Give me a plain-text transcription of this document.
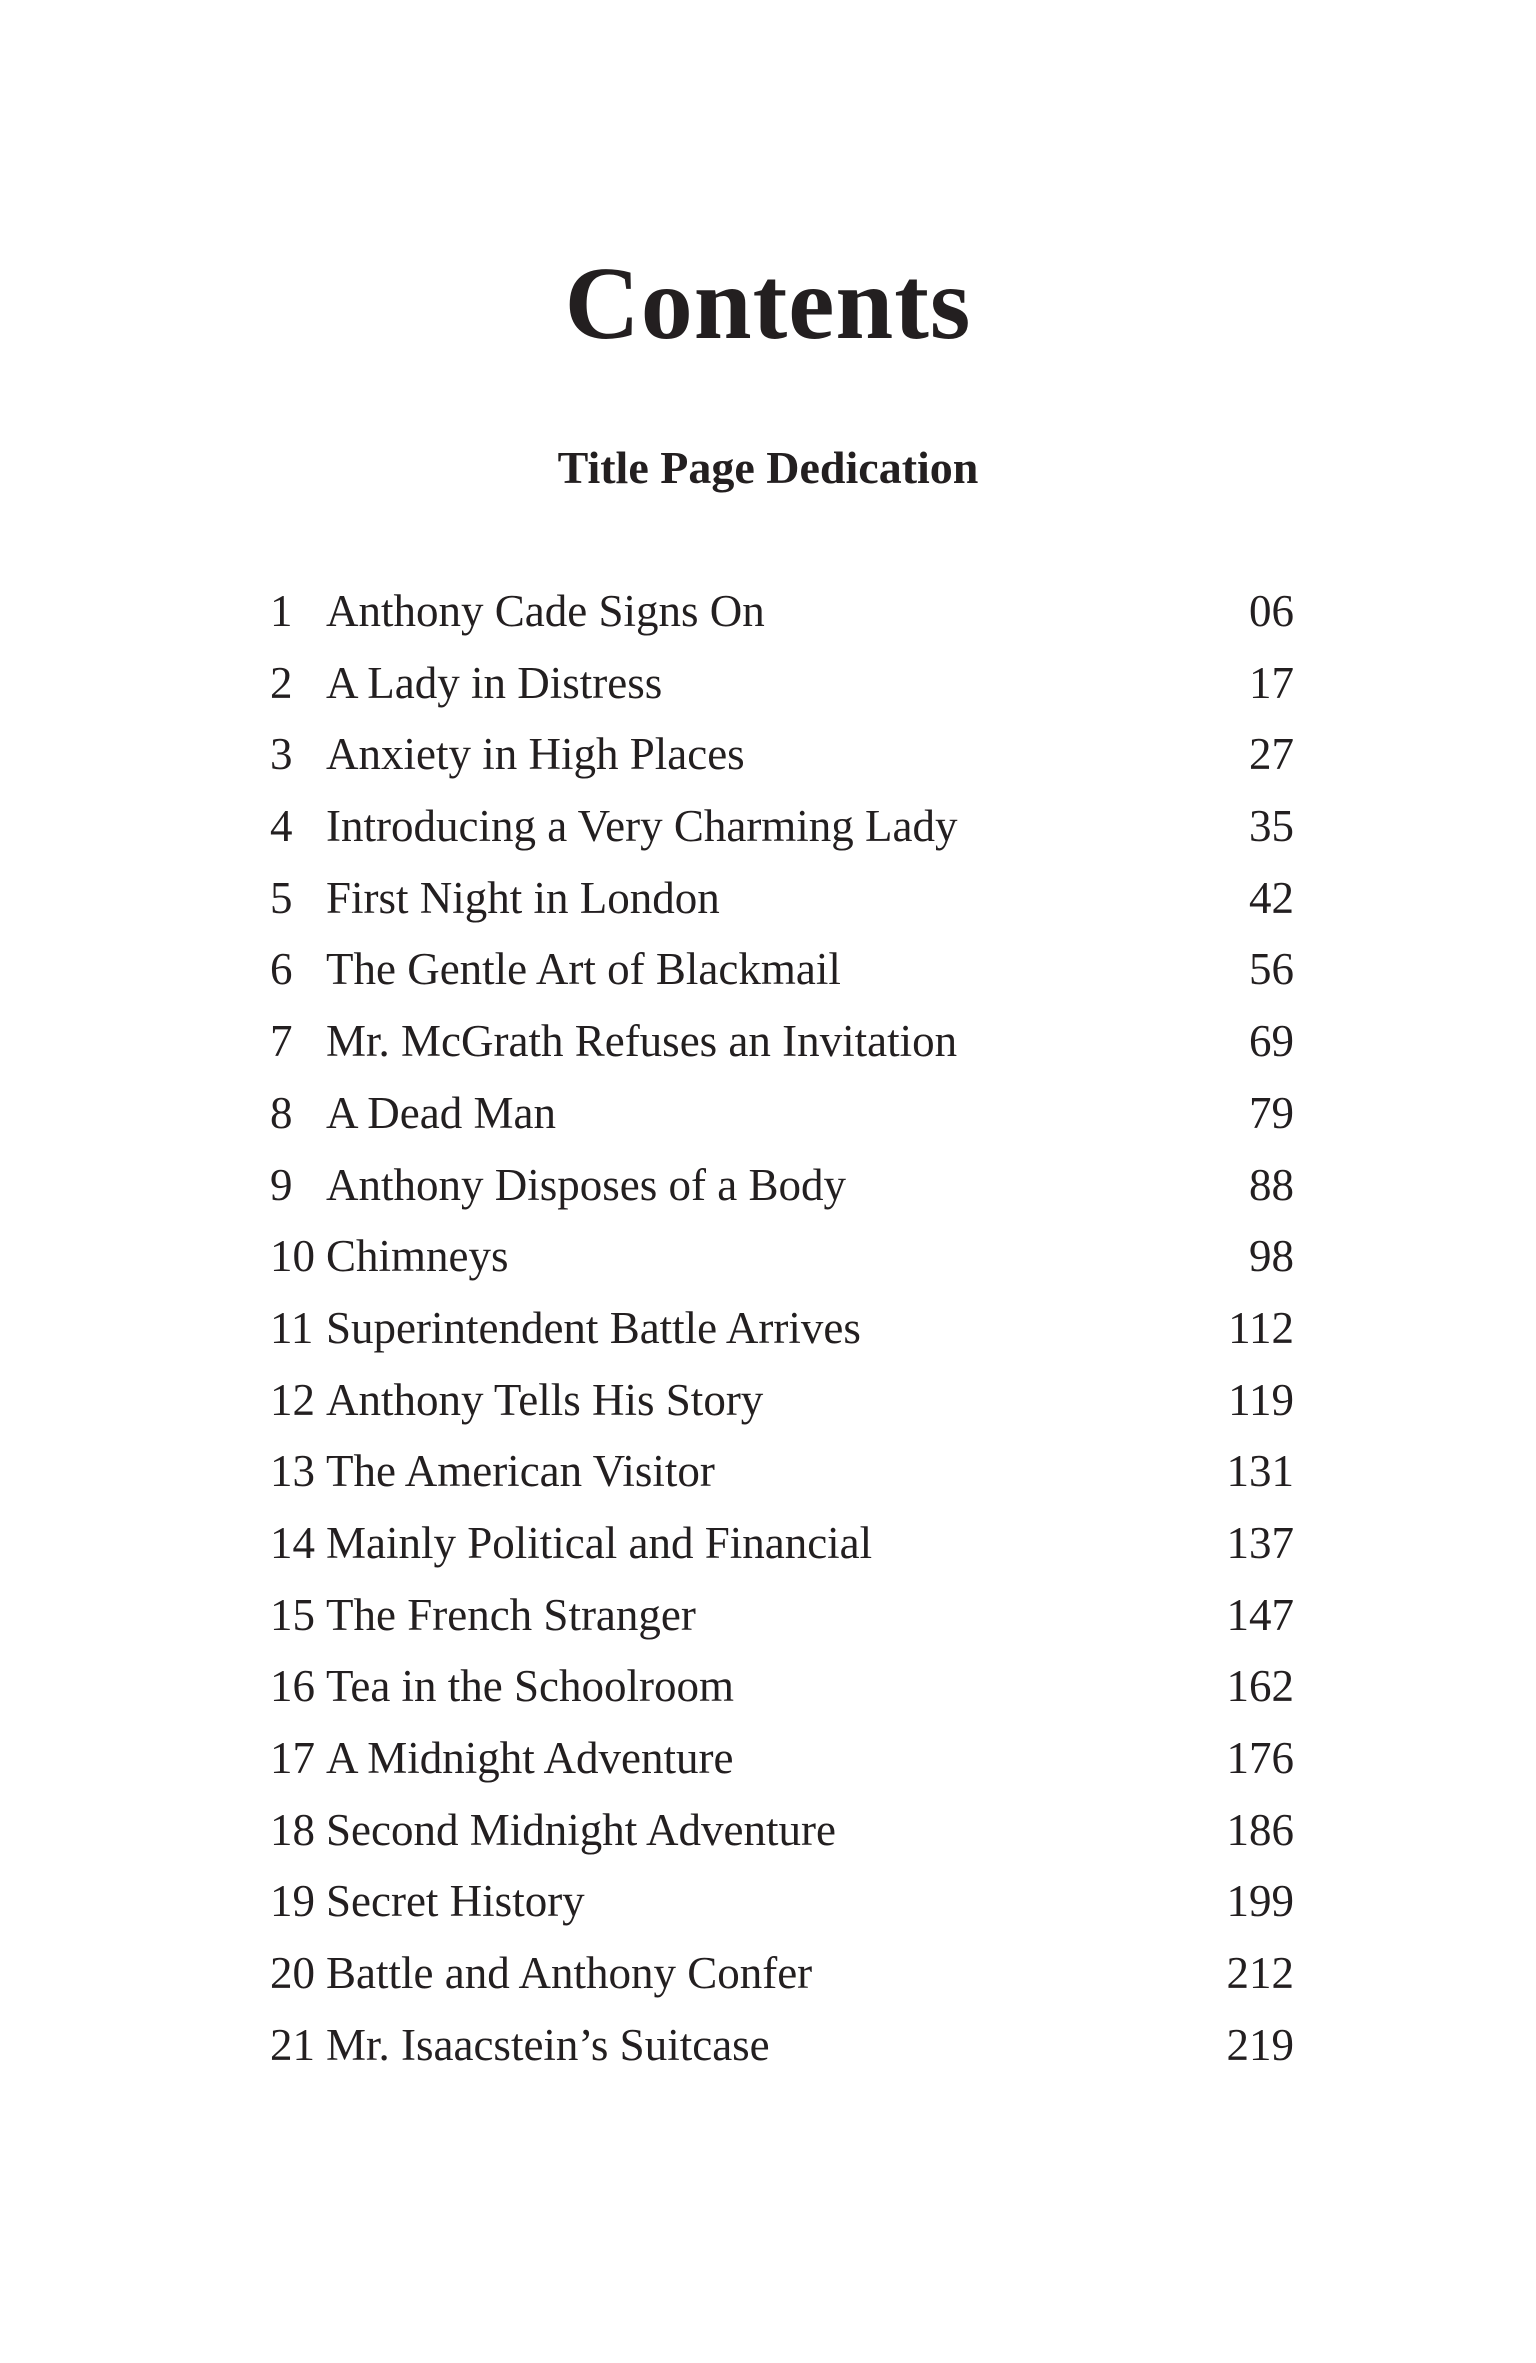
Contents
Title Page Dedication
1 Anthony Cade Signs On	06
2 A Lady in Distress	17
3 Anxiety in High Places	27
4 Introducing a Very Charming Lady	35
5 First Night in London	42
6 The Gentle Art of Blackmail	56
7 Mr. McGrath Refuses an Invitation	69
8 A Dead Man	79
9 Anthony Disposes of a Body	88
10 Chimneys	98
11 Superintendent Battle Arrives	112
12 Anthony Tells His Story	119
13 The American Visitor	131
14 Mainly Political and Financial	137
15 The French Stranger	147
16 Tea in the Schoolroom	162
17 A Midnight Adventure	176
18 Second Midnight Adventure	186
19 Secret History	199
20 Battle and Anthony Confer	212
21 Mr. Isaacstein’s Suitcase	219
